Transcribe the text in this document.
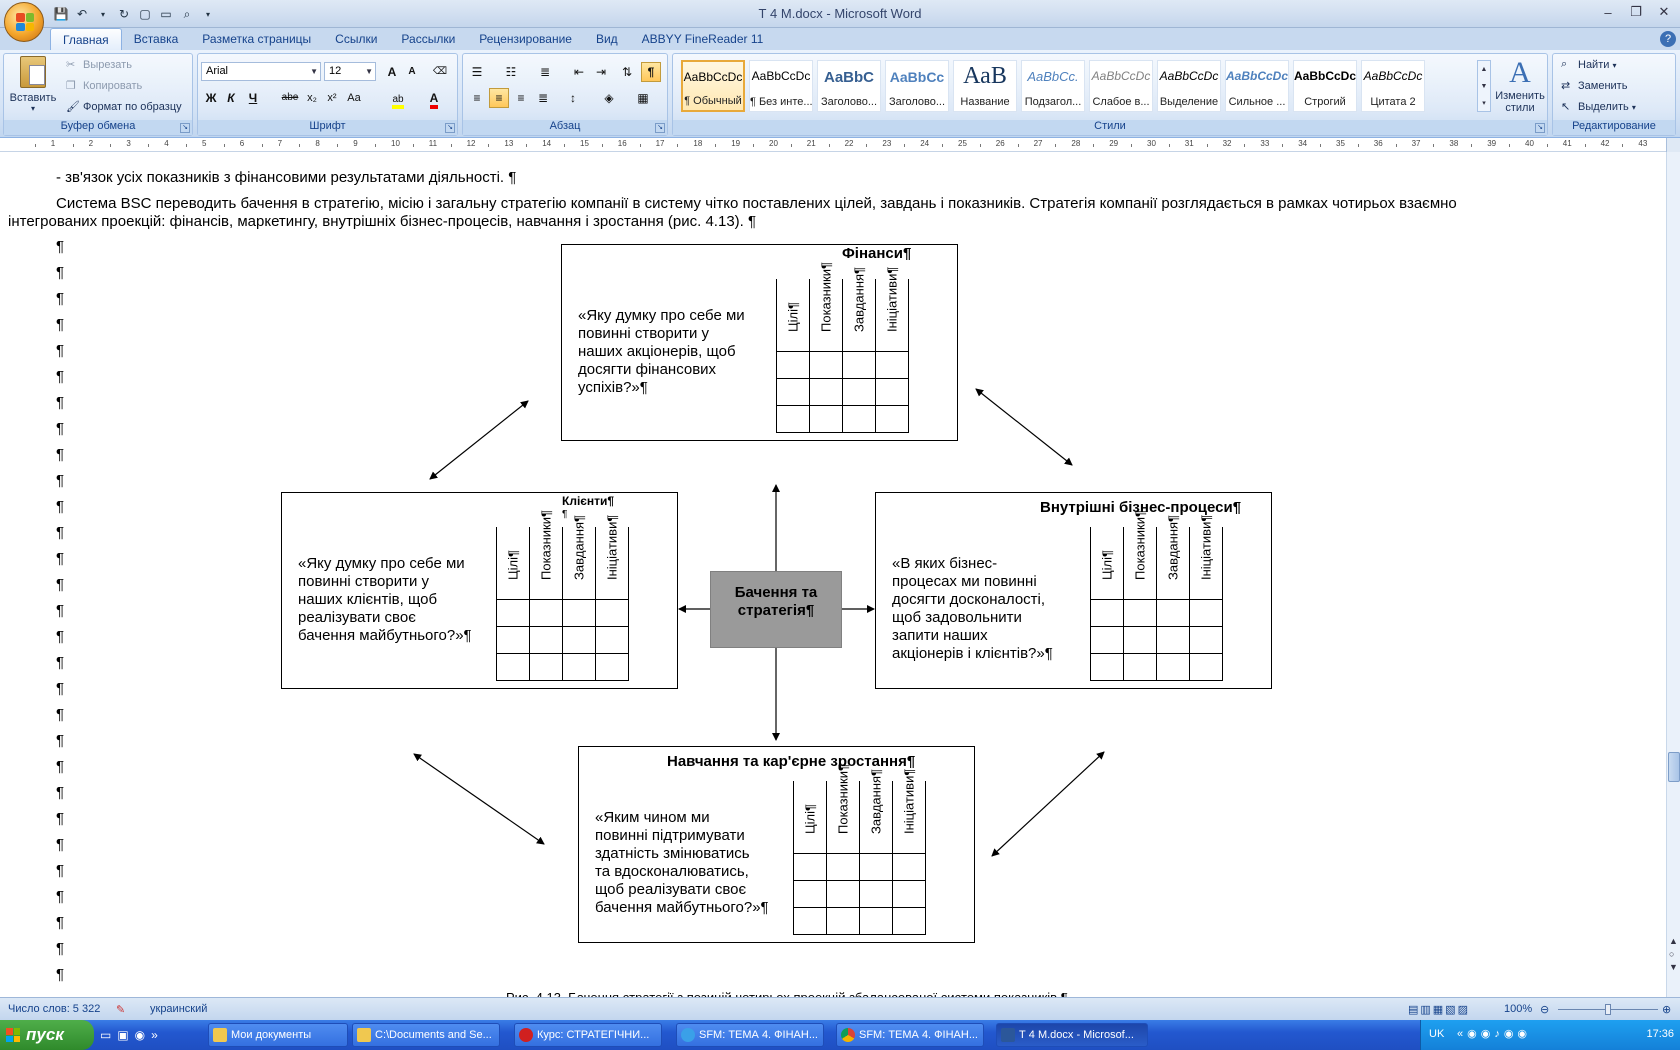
💾 ↶	▾	↻ ▢ ▭ ⌕	▾	Т 4 М.docx - Microsoft Word	–	❐	✕
Главная	Вставка	Разметка страницы	Ссылки	Рассылки	Рецензирование	Вид	ABBYY FineReader 11	?
Вставить
▾
✂ Вырезать
❐ Копировать
🖌 Формат по образцу
Буфер обмена	↘
Arial	▼	12	▼	A	A	⌫
Ж К	Ч	abe x₂ x² Aa	ab	A
Шрифт	↘
☰	☷	≣	⇤ ⇥	⇅	¶
≡	≡	≡	≣	↕	◈	▦
Абзац	↘
AaBbCcDc
¶ Обычный
AaBbCcDc
¶ Без инте...
AaBbC
Заголово...
AaBbCc
Заголово...
АаВ
Название
AaBbCc.
Подзагол...
AaBbCcDc
Слабое в...
AaBbCcDc
Выделение
AaBbCcDc
Сильное ...
AaBbCcDc
Строгий
AaBbCcDc
Цитата 2
▲
▼
▾
A
Изменить стили
Стили	↘
⌕ Найти ▾
⇄ Заменить
↖ Выделить ▾
Редактирование
1	2	3	4	5	6	7	8	9	10	11	12	13	14	15	16	17	18	19	20	21	22	23	24	25	26	27	28	29	30	31	32	33	34	35	36	37	38	39	40	41	42	43
- зв'язок усіх показників з фінансовими результатами діяльності. ¶
Система BSC переводить бачення в стратегію, місію і загальну стратегію компанії в систему чітко поставлених цілей, завдань і показників. Стратегія компанії розглядається в рамках чотирьох взаємно
інтегрованих проекцій: фінансів, маркетингу, внутрішніх бізнес-процесів, навчання і зростання (рис. 4.13). ¶
¶
¶
¶
¶
¶
¶
¶
¶
¶
¶
¶
¶
¶
¶
¶
¶
¶
¶
¶
¶
¶
¶
¶
¶
¶
¶
¶
¶
¶
Фінанси¶
«Яку думку про себе ми
повинні створити у
наших акціонерів, щоб
досягти фінансових
успіхів?»¶
Цілі¶	Показники¶	Завдання¶	Ініціативи¶

Клієнти¶
¶
«Яку думку про себе ми
повинні створити у
наших клієнтів, щоб
реалізувати своє
бачення майбутнього?»¶
Цілі¶	Показники¶	Завдання¶	Ініціативи¶

Бачення та стратегія¶
Внутрішні бізнес-процеси¶
«В яких бізнес-
процесах ми повинні
досягти досконалості,
щоб задовольнити
запити наших
акціонерів і клієнтів?»¶
Цілі¶	Показники¶	Завдання¶	Ініціативи¶

Навчання та кар'єрне зростання¶
«Яким чином ми
повинні підтримувати
здатність змінюватись
та вдосконалюватись,
щоб реалізувати своє
бачення майбутнього?»¶
Цілі¶	Показники¶	Завдання¶	Ініціативи¶

▲
○
▼
Число слов: 5 322 ✎ украинский	▤▥▦▧▨	100% ⊖	⊕
пуск	▭▣◉»	Мои документы	C:\Documents and Se...	Курс: СТРАТЕГІЧНИ...	SFM: ТЕМА 4. ФІНАН...	SFM: ТЕМА 4. ФІНАН...	Т 4 М.docx - Microsof...	UK «◉◉♪◉◉	17:36
